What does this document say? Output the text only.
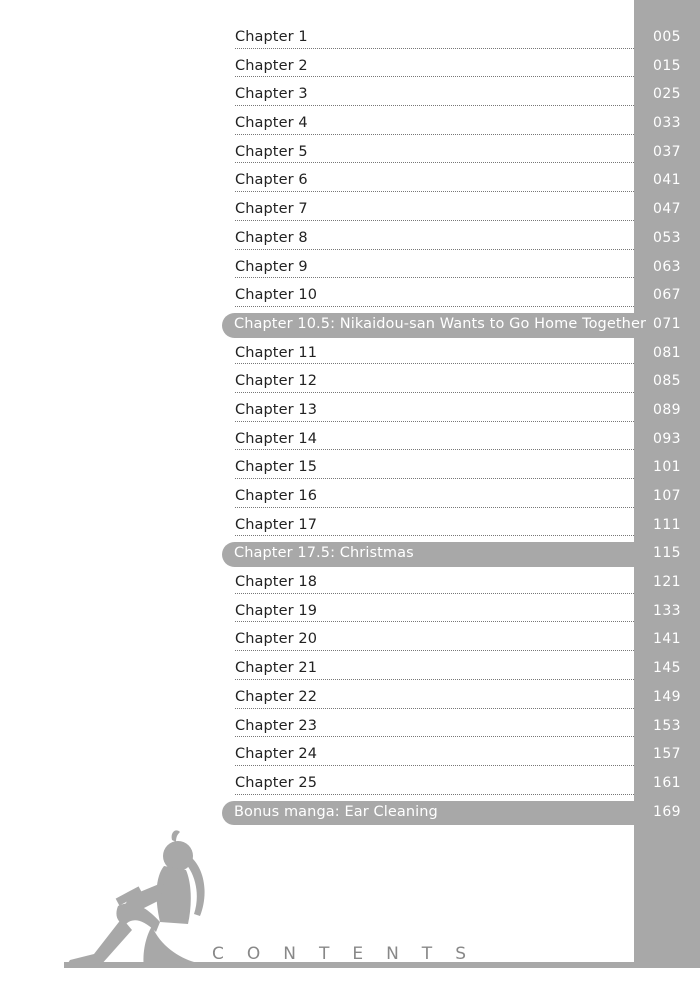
Chapter 1	005
Chapter 2	015
Chapter 3	025
Chapter 4	033
Chapter 5	037
Chapter 6	041
Chapter 7	047
Chapter 8	053
Chapter 9	063
Chapter 10	067
Chapter 10.5: Nikaidou-san Wants to Go Home Together 071
Chapter 11	081
Chapter 12	085
Chapter 13	089
Chapter 14	093
Chapter 15	101
Chapter 16	107
Chapter 17	111
Chapter 17.5: Christmas	115
Chapter 18	121
Chapter 19	133
Chapter 20	141
Chapter 21	145
Chapter 22	149
Chapter 23	153
Chapter 24	157
Chapter 25	161
Bonus manga: Ear Cleaning	169
CONTENTS
